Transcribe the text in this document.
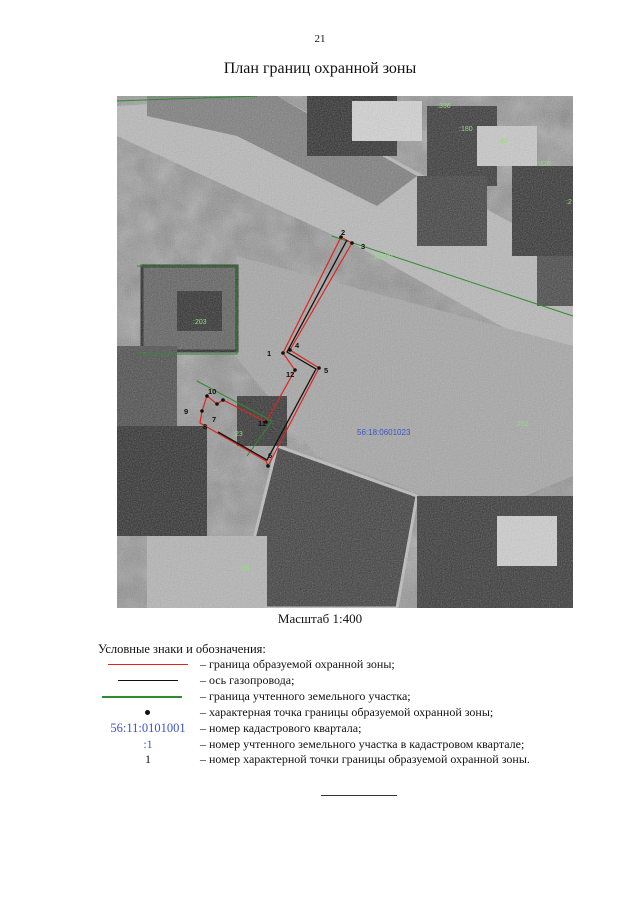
21
План границ охранной зоны
1
2
3
4
5
6
7
8
9
10
11
12
:336
:180
:42
:326
:2
:311(2)
:203
:23
:262
:38
56:18:0601023
Масштаб 1:400
Условные знаки и обозначения:
– граница образуемой охранной зоны;
– ось газопровода;
– граница учтенного земельного участка;
– характерная точка границы образуемой охранной зоны;
56:11:0101001	– номер кадастрового квартала;
:1	– номер учтенного земельного участка в кадастровом квартале;
1	– номер характерной точки границы образуемой охранной зоны.
